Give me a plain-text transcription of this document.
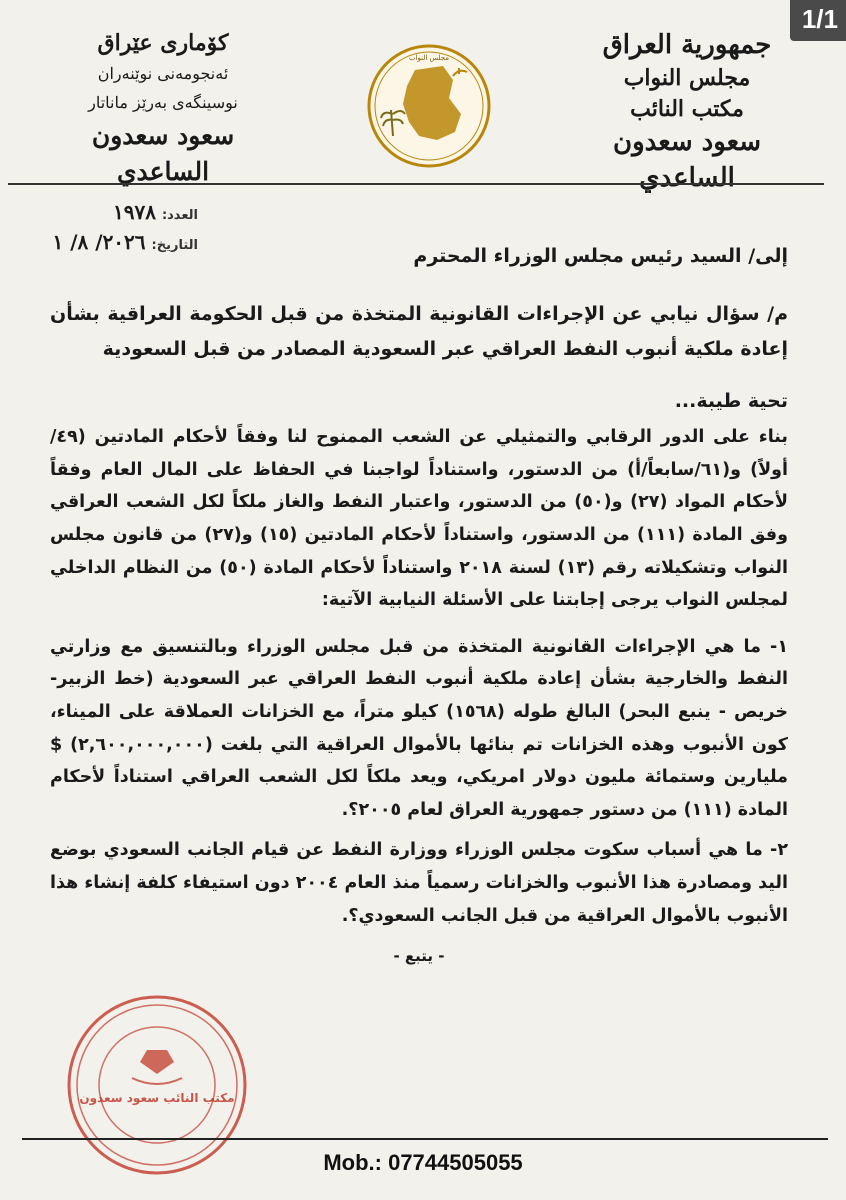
1/1
جمهورية العراق
مجلس النواب
مكتب النائب
سعود سعدون الساعدي
كۆماری عێراق
ئەنجومەنی نوێنەران
نوسینگەی بەرێز ماناتار
سعود سعدون الساعدي
مجلس النواب
العدد:
١٩٧٨
التاريخ:
٢٠٢٦/ ٨/ ١

إلى/ السيد رئيس مجلس الوزراء المحترم

م/ سؤال نيابي عن الإجراءات القانونية المتخذة من قبل الحكومة العراقية بشأن إعادة ملكية أنبوب النفط العراقي عبر السعودية المصادر من قبل السعودية

تحية طيبة...

بناء على الدور الرقابي والتمثيلي عن الشعب الممنوح لنا وفقاً لأحكام المادتين (٤٩/أولاً) و(٦١/سابعاً/أ) من الدستور، واستناداً لواجبنا في الحفاظ على المال العام وفقاً لأحكام المواد (٢٧) و(٥٠) من الدستور، واعتبار النفط والغاز ملكاً لكل الشعب العراقي وفق المادة (١١١) من الدستور، واستناداً لأحكام المادتين (١٥) و(٢٧) من قانون مجلس النواب وتشكيلاته رقم (١٣) لسنة ٢٠١٨ واستناداً لأحكام المادة (٥٠) من النظام الداخلي لمجلس النواب يرجى إجابتنا على الأسئلة النيابية الآتية:

١- ما هي الإجراءات القانونية المتخذة من قبل مجلس الوزراء وبالتنسيق مع وزارتي النفط والخارجية بشأن إعادة ملكية أنبوب النفط العراقي عبر السعودية (خط الزبير- خريص - ينبع البحر) البالغ طوله (١٥٦٨) كيلو متراً، مع الخزانات العملاقة على الميناء، كون الأنبوب وهذه الخزانات تم بنائها بالأموال العراقية التي بلغت (٢,٦٠٠,٠٠٠,٠٠٠) $ مليارين وستمائة مليون دولار امريكي، ويعد ملكاً لكل الشعب العراقي استناداً لأحكام المادة (١١١) من دستور جمهورية العراق لعام ٢٠٠٥؟.

٢- ما هي أسباب سكوت مجلس الوزراء ووزارة النفط عن قيام الجانب السعودي بوضع اليد ومصادرة هذا الأنبوب والخزانات رسمياً منذ العام ٢٠٠٤ دون استيفاء كلفة إنشاء هذا الأنبوب بالأموال العراقية من قبل الجانب السعودي؟.

- يتبع -

مكتب النائب سعود سعدون
Mob.: 07744505055
